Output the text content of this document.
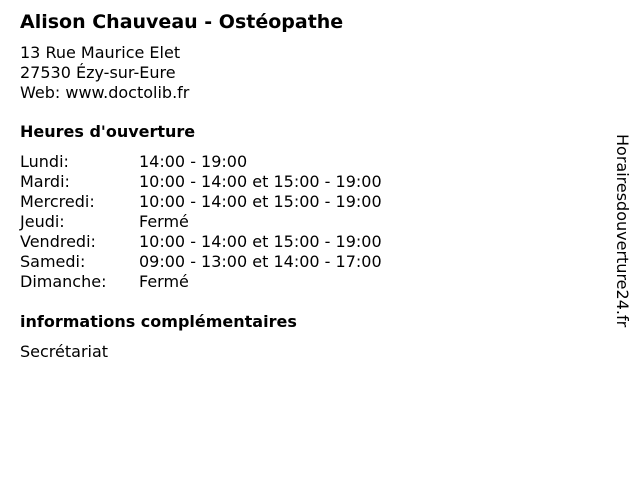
Alison Chauveau - Ostéopathe
13 Rue Maurice Elet
27530 Ézy-sur-Eure
Web: www.doctolib.fr
Heures d'ouverture
Lundi:	14:00 - 19:00
Mardi:	10:00 - 14:00 et 15:00 - 19:00
Mercredi:	10:00 - 14:00 et 15:00 - 19:00
Jeudi:	Fermé
Vendredi:	10:00 - 14:00 et 15:00 - 19:00
Samedi:	09:00 - 13:00 et 14:00 - 17:00
Dimanche:	Fermé
informations complémentaires
Secrétariat
Horairesdouverture24.fr
